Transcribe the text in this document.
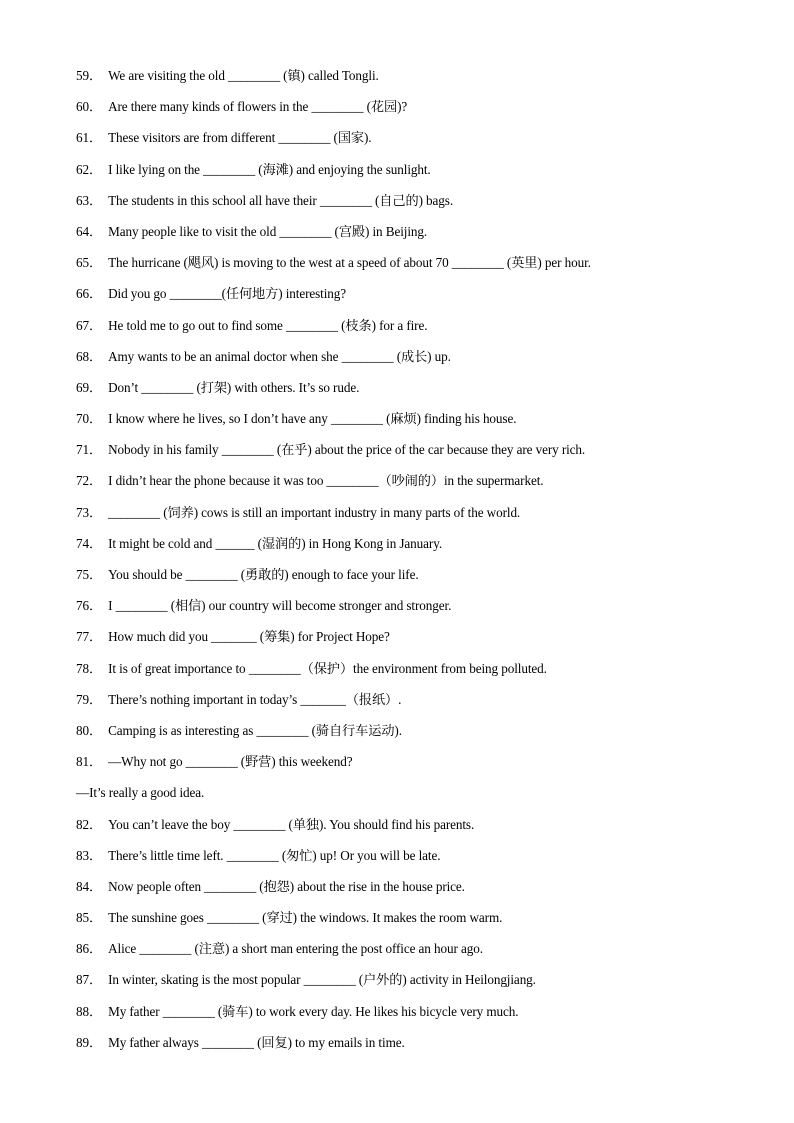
59． We are visiting the old ________ (镇) called Tongli.
60． Are there many kinds of flowers in the ________ (花园)?
61． These visitors are from different ________ (国家).
62． I like lying on the ________ (海滩) and enjoying the sunlight.
63． The students in this school all have their ________ (自己的) bags.
64． Many people like to visit the old ________ (宫殿) in Beijing.
65． The hurricane (飓风) is moving to the west at a speed of about 70 ________ (英里) per hour.
66． Did you go ________(任何地方) interesting?
67． He told me to go out to find some ________ (枝条) for a fire.
68． Amy wants to be an animal doctor when she ________ (成长) up.
69． Don’t ________ (打架) with others. It’s so rude.
70． I know where he lives, so I don’t have any ________ (麻烦) finding his house.
71． Nobody in his family ________ (在乎) about the price of the car because they are very rich.
72． I didn’t hear the phone because it was too ________（吵闹的）in the supermarket.
73． ________ (饲养) cows is still an important industry in many parts of the world.
74． It might be cold and ______ (湿润的) in Hong Kong in January.
75． You should be ________ (勇敢的) enough to face your life.
76． I ________ (相信) our country will become stronger and stronger.
77． How much did you _______ (筹集) for Project Hope?
78． It is of great importance to ________（保护）the environment from being polluted.
79． There’s nothing important in today’s _______（报纸）.
80． Camping is as interesting as ________ (骑自行车运动).
81． —Why not go ________ (野营) this weekend?
—It’s really a good idea.
82． You can’t leave the boy ________ (单独). You should find his parents.
83． There’s little time left. ________ (匆忙) up! Or you will be late.
84． Now people often ________ (抱怨) about the rise in the house price.
85． The sunshine goes ________ (穿过) the windows. It makes the room warm.
86． Alice ________ (注意) a short man entering the post office an hour ago.
87． In winter, skating is the most popular ________ (户外的) activity in Heilongjiang.
88． My father ________ (骑车) to work every day. He likes his bicycle very much.
89． My father always ________ (回复) to my emails in time.
